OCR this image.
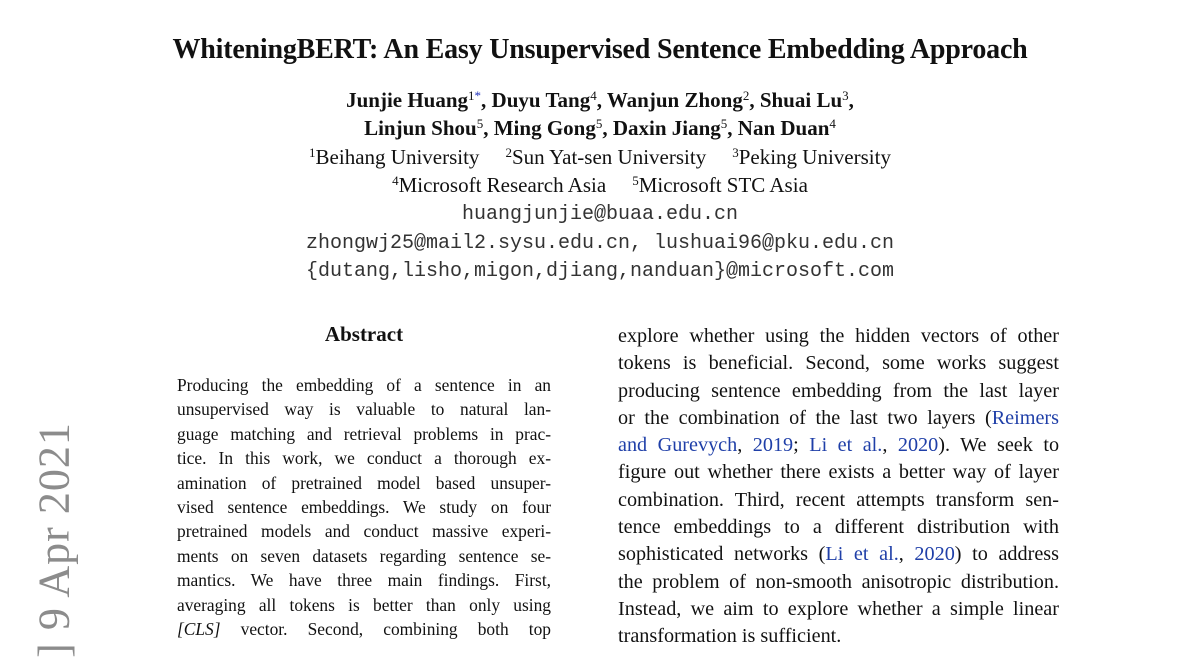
WhiteningBERT: An Easy Unsupervised Sentence Embedding Approach
Junjie Huang$^{1*}$, Duyu Tang$^4$, Wanjun Zhong$^2$, Shuai Lu$^3$,
Linjun Shou$^5$, Ming Gong$^5$, Daxin Jiang$^5$, Nan Duan$^4$
$^1$Beihang University $^2$Sun Yat-sen University $^3$Peking University
$^4$Microsoft Research Asia $^5$Microsoft STC Asia
huangjunjie@buaa.edu.cn
zhongwj25@mail2.sysu.edu.cn, lushuai96@pku.edu.cn
{dutang,lisho,migon,djiang,nanduan}@microsoft.com
Abstract
Producing the embedding of a sentence in an
unsupervised way is valuable to natural lan-
guage matching and retrieval problems in prac-
tice. In this work, we conduct a thorough ex-
amination of pretrained model based unsuper-
vised sentence embeddings. We study on four
pretrained models and conduct massive experi-
ments on seven datasets regarding sentence se-
mantics. We have three main findings. First,
averaging all tokens is better than only using
[CLS] vector. Second, combining both top
explore whether using the hidden vectors of other
tokens is beneficial. Second, some works suggest
producing sentence embedding from the last layer
or the combination of the last two layers (Reimers
and Gurevych, 2019; Li et al., 2020). We seek to
figure out whether there exists a better way of layer
combination. Third, recent attempts transform sen-
tence embeddings to a different distribution with
sophisticated networks (Li et al., 2020) to address
the problem of non-smooth anisotropic distribution.
Instead, we aim to explore whether a simple linear
transformation is sufficient.
] 9 Apr 2021
